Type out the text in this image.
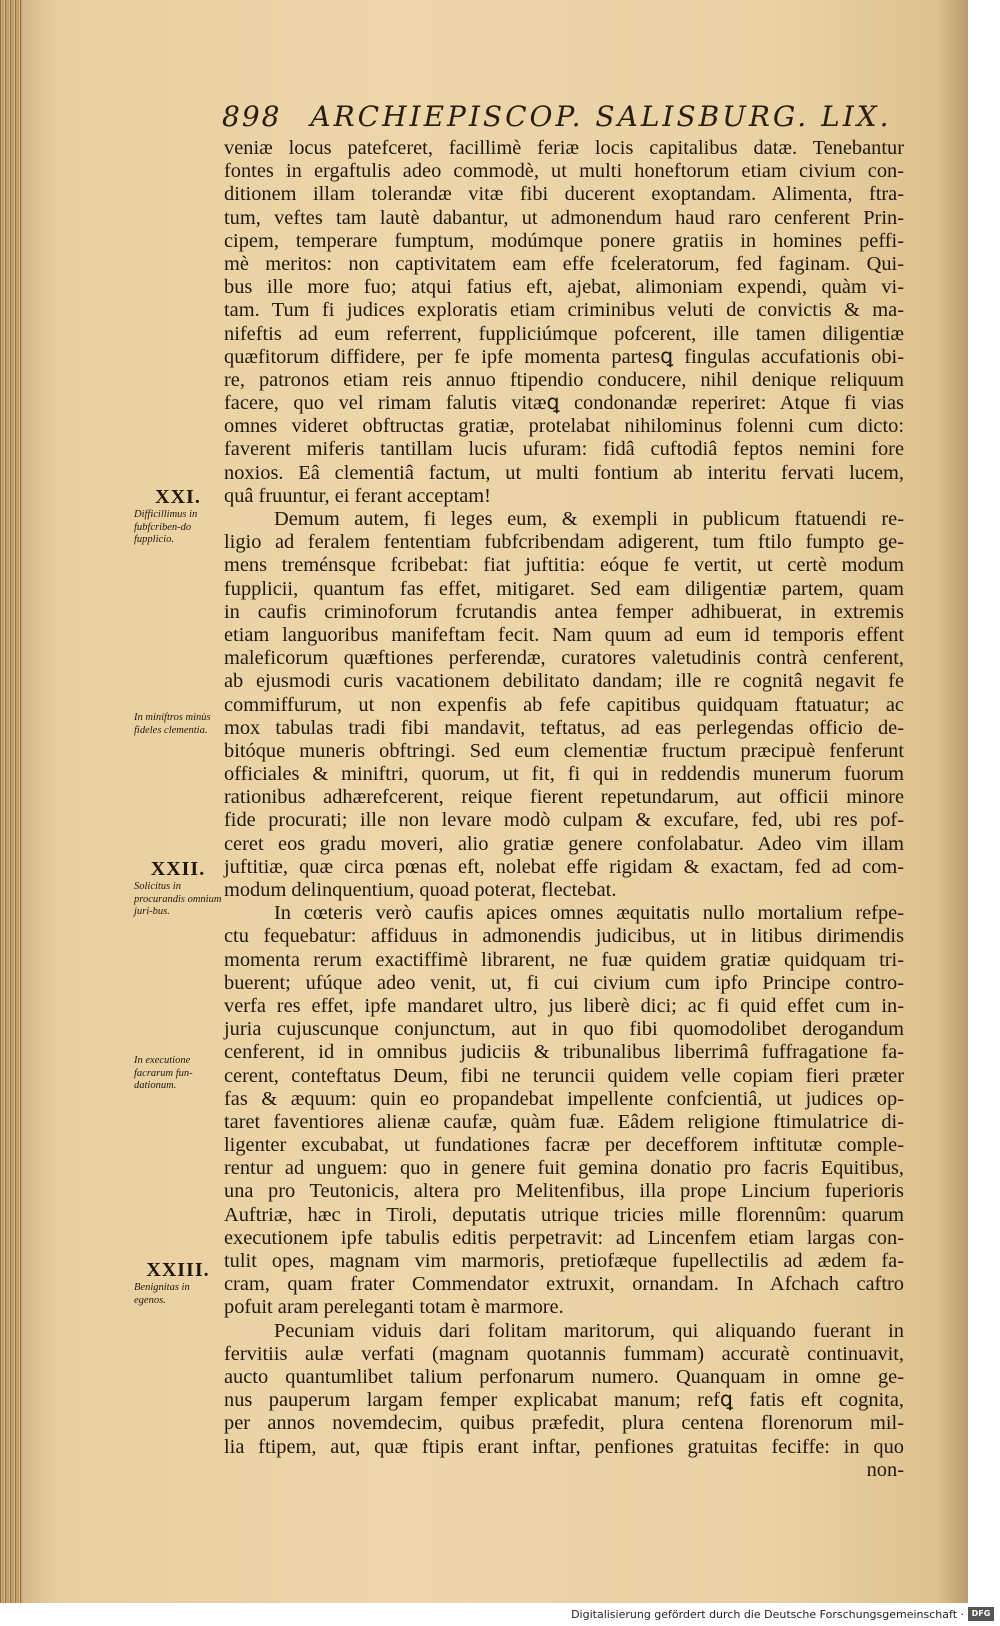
898 ARCHIEPISCOP. SALISBURG. LIX.
veniæ locus patefceret, facillimè feriæ locis capitalibus datæ. Tenebantur
fontes in ergaftulis adeo commodè, ut multi honeftorum etiam civium con-
ditionem illam tolerandæ vitæ fibi ducerent exoptandam. Alimenta, ftra-
tum, veftes tam lautè dabantur, ut admonendum haud raro cenferent Prin-
cipem, temperare fumptum, modúmque ponere gratiis in homines peffi-
mè meritos: non captivitatem eam effe fceleratorum, fed faginam. Qui-
bus ille more fuo; atqui fatius eft, ajebat, alimoniam expendi, quàm vi-
tam. Tum fi judices exploratis etiam criminibus veluti de convictis & ma-
nifeftis ad eum referrent, fuppliciúmque pofcerent, ille tamen diligentiæ
quæfitorum diffidere, per fe ipfe momenta partesꝗ fingulas accufationis obi-
re, patronos etiam reis annuo ftipendio conducere, nihil denique reliquum
facere, quo vel rimam falutis vitæꝗ condonandæ reperiret: Atque fi vias
omnes videret obftructas gratiæ, protelabat nihilominus folenni cum dicto:
faverent miferis tantillam lucis ufuram: fidâ cuftodiâ feptos nemini fore
noxios. Eâ clementiâ factum, ut multi fontium ab interitu fervati lucem,
quâ fruuntur, ei ferant acceptam!
Demum autem, fi leges eum, & exempli in publicum ftatuendi re-
ligio ad feralem fententiam fubfcribendam adigerent, tum ftilo fumpto ge-
mens treménsque fcribebat: fiat juftitia: eóque fe vertit, ut certè modum
fupplicii, quantum fas effet, mitigaret. Sed eam diligentiæ partem, quam
in caufis criminoforum fcrutandis antea femper adhibuerat, in extremis
etiam languoribus manifeftam fecit. Nam quum ad eum id temporis effent
maleficorum quæftiones perferendæ, curatores valetudinis contrà cenferent,
ab ejusmodi curis vacationem debilitato dandam; ille re cognitâ negavit fe
commiffurum, ut non expenfis ab fefe capitibus quidquam ftatuatur; ac
mox tabulas tradi fibi mandavit, teftatus, ad eas perlegendas officio de-
bitóque muneris obftringi. Sed eum clementiæ fructum præcipuè fenferunt
officiales & miniftri, quorum, ut fit, fi qui in reddendis munerum fuorum
rationibus adhærefcerent, reique fierent repetundarum, aut officii minore
fide procurati; ille non levare modò culpam & excufare, fed, ubi res pof-
ceret eos gradu moveri, alio gratiæ genere confolabatur. Adeo vim illam
juftitiæ, quæ circa pœnas eft, nolebat effe rigidam & exactam, fed ad com-
modum delinquentium, quoad poterat, flectebat.
In cœteris verò caufis apices omnes æquitatis nullo mortalium refpe-
ctu fequebatur: affiduus in admonendis judicibus, ut in litibus dirimendis
momenta rerum exactiffimè librarent, ne fuæ quidem gratiæ quidquam tri-
buerent; ufúque adeo venit, ut, fi cui civium cum ipfo Principe contro-
verfa res effet, ipfe mandaret ultro, jus liberè dici; ac fi quid effet cum in-
juria cujuscunque conjunctum, aut in quo fibi quomodolibet derogandum
cenferent, id in omnibus judiciis & tribunalibus liberrimâ fuffragatione fa-
cerent, conteftatus Deum, fibi ne teruncii quidem velle copiam fieri præter
fas & æquum: quin eo propandebat impellente confcientiâ, ut judices op-
taret faventiores alienæ caufæ, quàm fuæ. Eâdem religione ftimulatrice di-
ligenter excubabat, ut fundationes facræ per decefforem inftitutæ comple-
rentur ad unguem: quo in genere fuit gemina donatio pro facris Equitibus,
una pro Teutonicis, altera pro Melitenfibus, illa prope Lincium fuperioris
Auftriæ, hæc in Tiroli, deputatis utrique tricies mille florennûm: quarum
executionem ipfe tabulis editis perpetravit: ad Lincenfem etiam largas con-
tulit opes, magnam vim marmoris, pretiofæque fupellectilis ad ædem fa-
cram, quam frater Commendator extruxit, ornandam. In Afchach caftro
pofuit aram pereleganti totam è marmore.
Pecuniam viduis dari folitam maritorum, qui aliquando fuerant in
fervitiis aulæ verfati (magnam quotannis fummam) accuratè continuavit,
aucto quantumlibet talium perfonarum numero. Quanquam in omne ge-
nus pauperum largam femper explicabat manum; refꝗ fatis eft cognita,
per annos novemdecim, quibus præfedit, plura centena florenorum mil-
lia ftipem, aut, quæ ftipis erant inftar, penfiones gratuitas feciffe: in quo
non-
XXI.
Difficillimus in fubfcriben-do fupplicio.
In miniftros minùs fideles clementia.
XXII.
Solicitus in procurandis omnium juri-bus.
In executione facrarum fun-dationum.
XXIII.
Benignitas in egenos.
Digitalisierung gefördert durch die Deutsche Forschungsgemeinschaft · DFG
